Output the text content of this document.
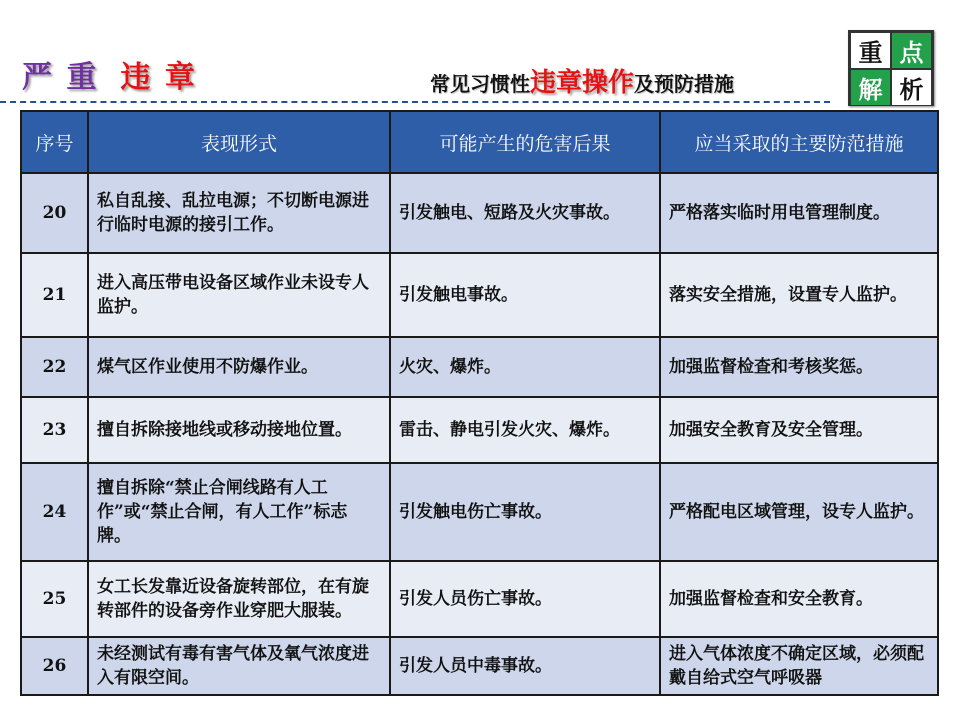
严 重 违 章	常见习惯性违章操作及预防措施
重 点
解 析
序号	表现形式	可能产生的危害后果	应当采取的主要防范措施
20	私自乱接、乱拉电源；不切断电源进行临时电源的接引工作。	引发触电、短路及火灾事故。	严格落实临时用电管理制度。
21	进入高压带电设备区域作业未设专人监护。	引发触电事故。	落实安全措施，设置专人监护。
22	煤气区作业使用不防爆作业。	火灾、爆炸。	加强监督检查和考核奖惩。
23	擅自拆除接地线或移动接地位置。	雷击、静电引发火灾、爆炸。	加强安全教育及安全管理。
24	擅自拆除“禁止合闸线路有人工作”或“禁止合闸，有人工作”标志牌。	引发触电伤亡事故。	严格配电区域管理，设专人监护。
25	女工长发靠近设备旋转部位，在有旋转部件的设备旁作业穿肥大服装。	引发人员伤亡事故。	加强监督检查和安全教育。
26	未经测试有毒有害气体及氧气浓度进入有限空间。	引发人员中毒事故。	进入气体浓度不确定区域，必须配戴自给式空气呼吸器
